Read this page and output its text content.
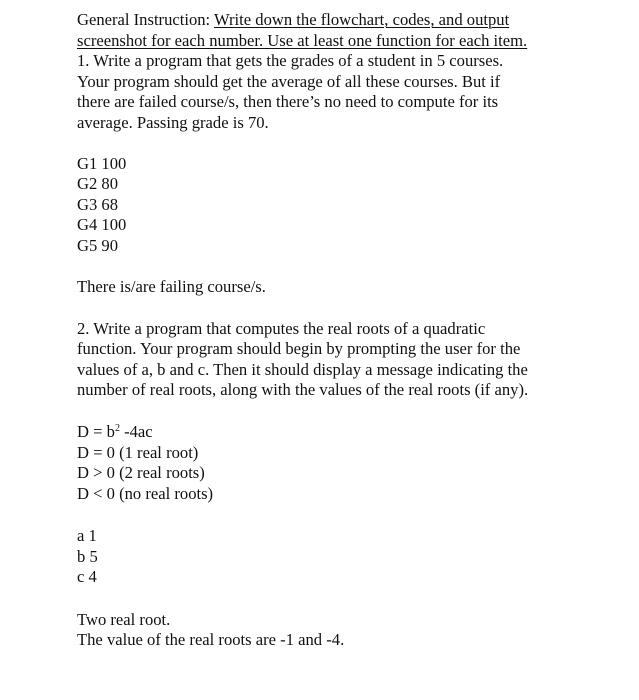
General Instruction: Write down the flowchart, codes, and output
screenshot for each number. Use at least one function for each item.
1. Write a program that gets the grades of a student in 5 courses.
Your program should get the average of all these courses. But if
there are failed course/s, then there’s no need to compute for its
average. Passing grade is 70.
G1 100
G2 80
G3 68
G4 100
G5 90
There is/are failing course/s.
2. Write a program that computes the real roots of a quadratic
function. Your program should begin by prompting the user for the
values of a, b and c. Then it should display a message indicating the
number of real roots, along with the values of the real roots (if any).
$D = b^2$ -4ac
D = 0 (1 real root)
D > 0 (2 real roots)
D < 0 (no real roots)
a 1
b 5
c 4
Two real root.
The value of the real roots are -1 and -4.
